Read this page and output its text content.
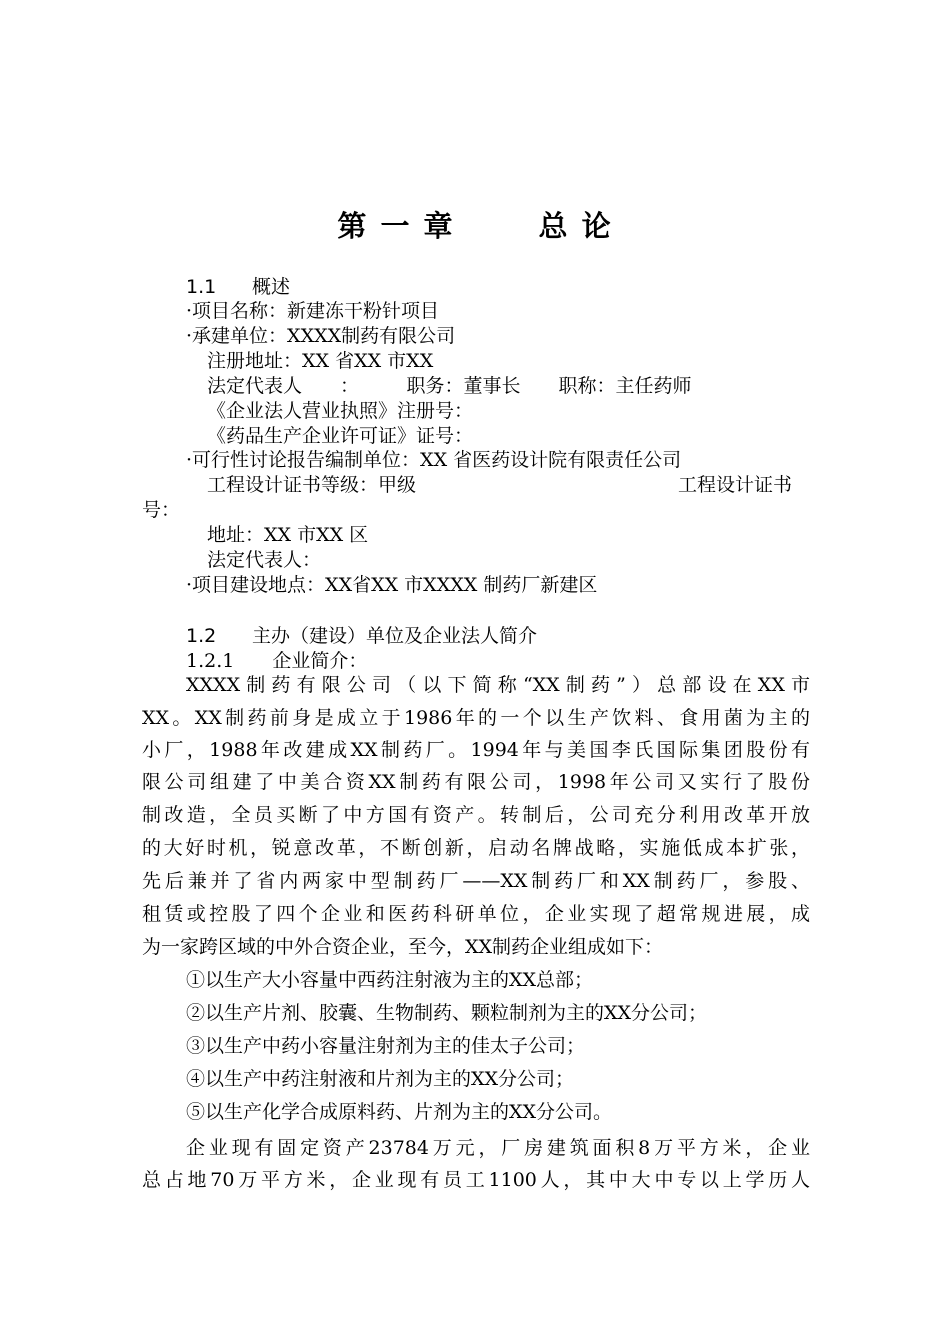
第 一 章	总 论
1.1 概述
·项目名称：新建冻干粉针项目
·承建单位：XXXX制药有限公司
注册地址：XX 省XX 市XX
法定代表人　　：　　　职务：董事长　　职称：主任药师
《企业法人营业执照》注册号：
《药品生产企业许可证》证号：
·可行性讨论报告编制单位：XX 省医药设计院有限责任公司
工程设计证书等级：甲级	工程设计证书
号：
地址：XX 市XX 区
法定代表人：
·项目建设地点：XX省XX 市XXXX 制药厂新建区
1.2 主办（建设）单位及企业法人简介
1.2.1　　企业简介：
XXXX制药有限公司（以下简称“XX制药”）总部设在XX市
XX。XX制药前身是成立于1986年的一个以生产饮料、食用菌为主的
小厂，1988年改建成XX制药厂。1994年与美国李氏国际集团股份有
限公司组建了中美合资XX制药有限公司，1998年公司又实行了股份
制改造，全员买断了中方国有资产。转制后，公司充分利用改革开放
的大好时机，锐意改革，不断创新，启动名牌战略，实施低成本扩张，
先后兼并了省内两家中型制药厂——XX制药厂和XX制药厂，参股、
租赁或控股了四个企业和医药科研单位，企业实现了超常规进展，成
为一家跨区域的中外合资企业，至今，XX制药企业组成如下：
①以生产大小容量中西药注射液为主的XX总部；
②以生产片剂、胶囊、生物制药、颗粒制剂为主的XX分公司；
③以生产中药小容量注射剂为主的佳太子公司；
④以生产中药注射液和片剂为主的XX分公司；
⑤以生产化学合成原料药、片剂为主的XX分公司。
企业现有固定资产23784万元，厂房建筑面积8万平方米，企业
总占地70万平方米，企业现有员工1100人，其中大中专以上学历人
